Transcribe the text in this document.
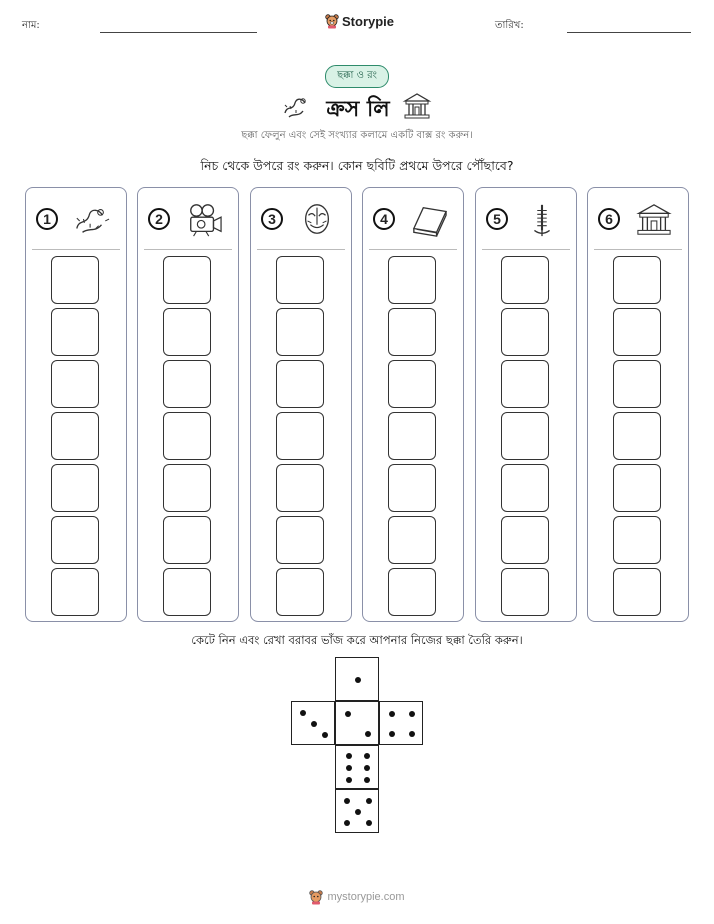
নাম:	Storypie	তারিখ:
ছক্কা ও রং
ক্রস লি
ছক্কা ফেলুন এবং সেই সংখ্যার কলামে একটি বাক্স রং করুন।
নিচ থেকে উপরে রং করুন। কোন ছবিটি প্রথমে উপরে পৌঁছাবে?
1	2	3	4	5	6
কেটে নিন এবং রেখা বরাবর ভাঁজ করে আপনার নিজের ছক্কা তৈরি করুন।
mystorypie.com
